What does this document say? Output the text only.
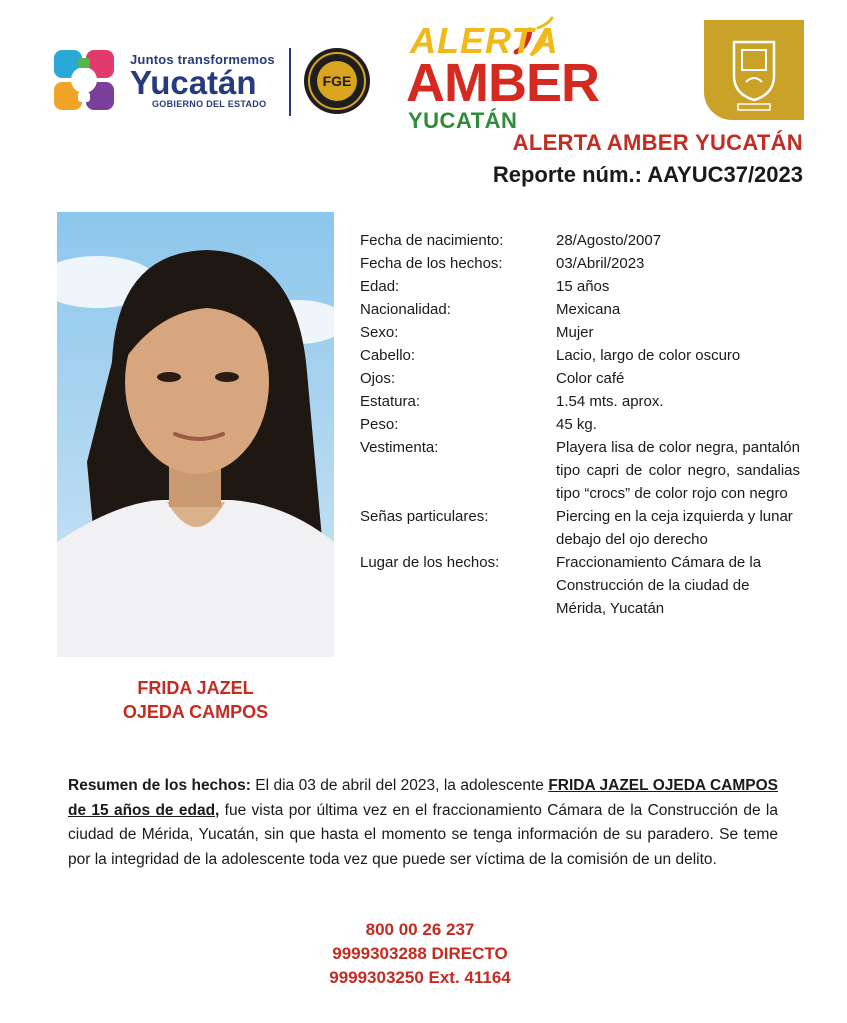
Juntos transformemos
Yucatán
GOBIERNO DEL ESTADO
FGE
ALERTA
AMBER
YUCATÁN
ALERTA AMBER YUCATÁN
Reporte núm.: AAYUC37/2023
FRIDA JAZEL
OJEDA CAMPOS
Fecha de nacimiento:	28/Agosto/2007
Fecha de los hechos:	03/Abril/2023
Edad:	15 años
Nacionalidad:	Mexicana
Sexo:	Mujer
Cabello:	Lacio, largo de color oscuro
Ojos:	Color café
Estatura:	1.54 mts. aprox.
Peso:	45 kg.
Vestimenta:	Playera lisa de color negra, pantalón tipo capri de color negro, sandalias tipo “crocs” de color rojo con negro
Señas particulares:	Piercing en la ceja izquierda y lunar debajo del ojo derecho
Lugar de los hechos:	Fraccionamiento Cámara de la Construcción de la ciudad de Mérida, Yucatán
Resumen de los hechos: El dia 03 de abril del 2023, la adolescente FRIDA JAZEL OJEDA CAMPOS de 15 años de edad, fue vista por última vez en el fraccionamiento Cámara de la Construcción de la ciudad de Mérida, Yucatán, sin que hasta el momento se tenga información de su paradero. Se teme por la integridad de la adolescente toda vez que puede ser víctima de la comisión de un delito.
800 00 26 237
9999303288 DIRECTO
9999303250 Ext. 41164
